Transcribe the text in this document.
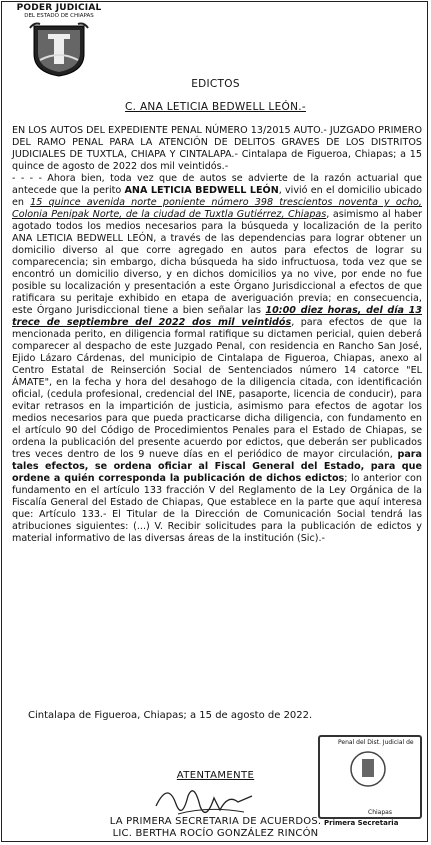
PODER JUDICIAL
DEL ESTADO DE CHIAPAS
EDICTOS
C. ANA LETICIA BEDWELL LEÓN.-

EN LOS AUTOS DEL EXPEDIENTE PENAL NÚMERO 13/2015 AUTO.- JUZGADO PRIMERO DEL RAMO PENAL PARA LA ATENCIÓN DE DELITOS GRAVES DE LOS DISTRITOS JUDICIALES DE TUXTLA, CHIAPA Y CINTALAPA.- Cintalapa de Figueroa, Chiapas; a 15 quince de agosto de 2022 dos mil veintidós.-

- - - - Ahora bien, toda vez que de autos se advierte de la razón actuarial que antecede que la perito ANA LETICIA BEDWELL LEÓN, vivió en el domicilio ubicado en 15 quince avenida norte poniente número 398 trescientos noventa y ocho, Colonia Penipak Norte, de la ciudad de Tuxtla Gutiérrez, Chiapas, asimismo al haber agotado todos los medios necesarios para la búsqueda y localización de la perito ANA LETICIA BEDWELL LEÓN, a través de las dependencias para lograr obtener un domicilio diverso al que corre agregado en autos para efectos de lograr su comparecencia; sin embargo, dicha búsqueda ha sido infructuosa, toda vez que se encontró un domicilio diverso, y en dichos domicilios ya no vive, por ende no fue posible su localización y presentación a este Órgano Jurisdiccional a efectos de que ratificara su peritaje exhibido en etapa de averiguación previa; en consecuencia, este Órgano Jurisdiccional tiene a bien señalar las 10:00 diez horas, del día 13 trece de septiembre del 2022 dos mil veintidós, para efectos de que la mencionada perito, en diligencia formal ratifique su dictamen pericial, quien deberá comparecer al despacho de este Juzgado Penal, con residencia en Rancho San José, Ejido Lázaro Cárdenas, del municipio de Cintalapa de Figueroa, Chiapas, anexo al Centro Estatal de Reinserción Social de Sentenciados número 14 catorce "EL ÁMATE", en la fecha y hora del desahogo de la diligencia citada, con identificación oficial, (cedula profesional, credencial del INE, pasaporte, licencia de conducir), para evitar retrasos en la impartición de justicia, asimismo para efectos de agotar los medios necesarios para que pueda practicarse dicha diligencia, con fundamento en el artículo 90 del Código de Procedimientos Penales para el Estado de Chiapas, se ordena la publicación del presente acuerdo por edictos, que deberán ser publicados tres veces dentro de los 9 nueve días en el periódico de mayor circulación, para tales efectos, se ordena oficiar al Fiscal General del Estado, para que ordene a quién corresponda la publicación de dichos edictos; lo anterior con fundamento en el artículo 133 fracción V del Reglamento de la Ley Orgánica de la Fiscalía General del Estado de Chiapas, Que establece en la parte que aquí interesa que: Artículo 133.- El Titular de la Dirección de Comunicación Social tendrá las atribuciones siguientes: (...) V. Recibir solicitudes para la publicación de edictos y material informativo de las diversas áreas de la institución (Sic).-

Cintalapa de Figueroa, Chiapas; a 15 de agosto de 2022.
ATENTAMENTE
LA PRIMERA SECRETARIA DE ACUERDOS.
LIC. BERTHA ROCÍO GONZÁLEZ RINCÓN
Penal del Dist. Judicial de
Chiapas
Primera Secretaria
